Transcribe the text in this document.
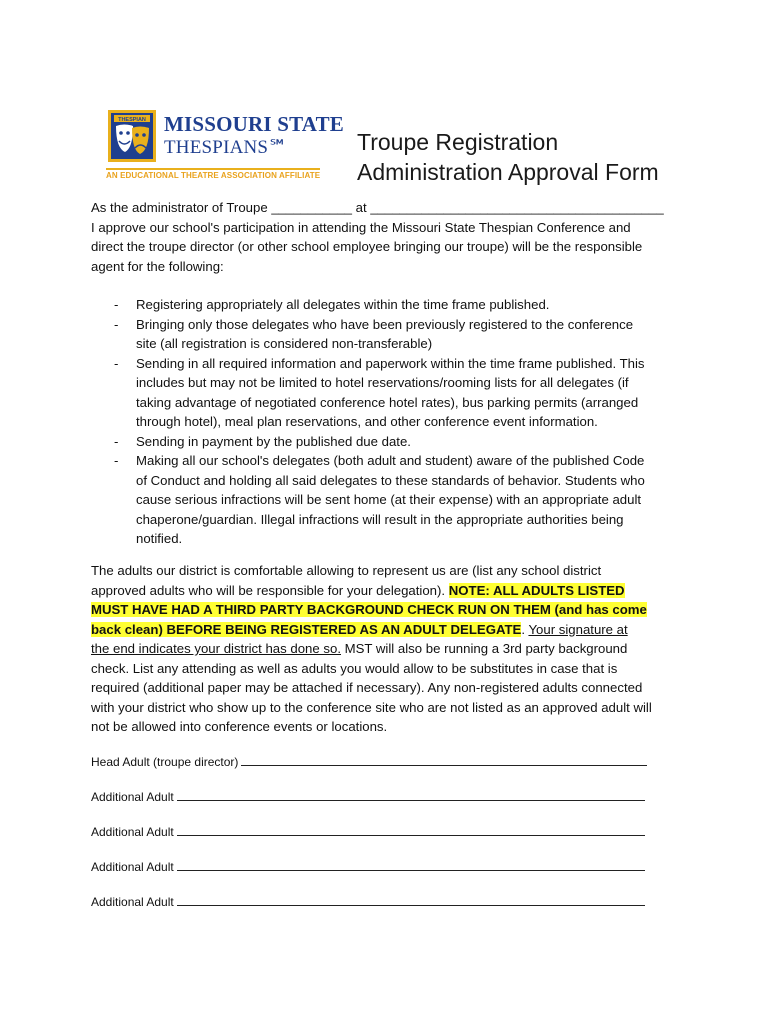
THESPIAN MISSOURI STATE
THESPIANS℠
AN EDUCATIONAL THEATRE ASSOCIATION AFFILIATE
Troupe Registration
Administration Approval Form
As the administrator of Troupe ___________ at ________________________________________
I approve our school's participation in attending the Missouri State Thespian Conference and
direct the troupe director (or other school employee bringing our troupe) will be the responsible
agent for the following:
- Registering appropriately all delegates within the time frame published.
- Bringing only those delegates who have been previously registered to the conference
site (all registration is considered non-transferable)
- Sending in all required information and paperwork within the time frame published. This
includes but may not be limited to hotel reservations/rooming lists for all delegates (if
taking advantage of negotiated conference hotel rates), bus parking permits (arranged
through hotel), meal plan reservations, and other conference event information.
- Sending in payment by the published due date.
- Making all our school's delegates (both adult and student) aware of the published Code
of Conduct and holding all said delegates to these standards of behavior. Students who
cause serious infractions will be sent home (at their expense) with an appropriate adult
chaperone/guardian. Illegal infractions will result in the appropriate authorities being
notified.
The adults our district is comfortable allowing to represent us are (list any school district
approved adults who will be responsible for your delegation). NOTE: ALL ADULTS LISTED
MUST HAVE HAD A THIRD PARTY BACKGROUND CHECK RUN ON THEM (and has come
back clean) BEFORE BEING REGISTERED AS AN ADULT DELEGATE. Your signature at
the end indicates your district has done so. MST will also be running a 3rd party background
check. List any attending as well as adults you would allow to be substitutes in case that is
required (additional paper may be attached if necessary). Any non-registered adults connected
with your district who show up to the conference site who are not listed as an approved adult will
not be allowed into conference events or locations.
Head Adult (troupe director)
Additional Adult
Additional Adult
Additional Adult
Additional Adult
